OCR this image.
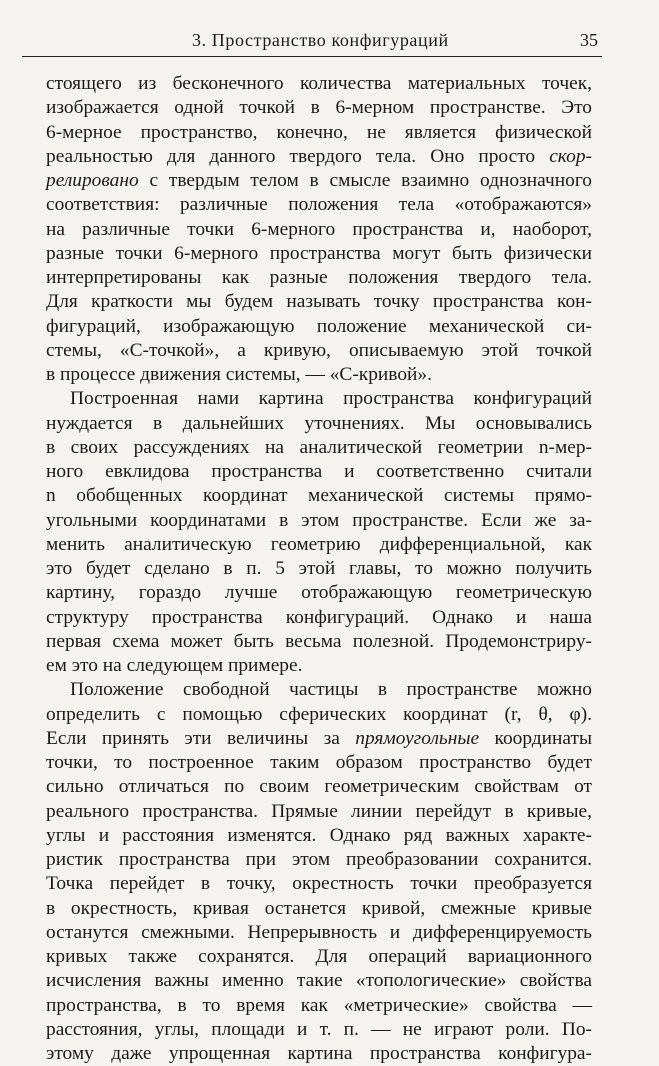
3. Пространство конфигураций	35
стоящего из бесконечного количества материальных точек,
изображается одной точкой в 6-мерном пространстве. Это
6-мерное пространство, конечно, не является физической
реальностью для данного твердого тела. Оно просто скор-
релировано с твердым телом в смысле взаимно однозначного
соответствия: различные положения тела «отображаются»
на различные точки 6-мерного пространства и, наоборот,
разные точки 6-мерного пространства могут быть физически
интерпретированы как разные положения твердого тела.
Для краткости мы будем называть точку пространства кон-
фигураций, изображающую положение механической си-
стемы, «C-точкой», а кривую, описываемую этой точкой
в процессе движения системы, — «C-кривой».
Построенная нами картина пространства конфигураций
нуждается в дальнейших уточнениях. Мы основывались
в своих рассуждениях на аналитической геометрии n-мер-
ного евклидова пространства и соответственно считали
n обобщенных координат механической системы прямо-
угольными координатами в этом пространстве. Если же за-
менить аналитическую геометрию дифференциальной, как
это будет сделано в п. 5 этой главы, то можно получить
картину, гораздо лучше отображающую геометрическую
структуру пространства конфигураций. Однако и наша
первая схема может быть весьма полезной. Продемонстриру-
ем это на следующем примере.
Положение свободной частицы в пространстве можно
определить с помощью сферических координат (r, θ, φ).
Если принять эти величины за прямоугольные координаты
точки, то построенное таким образом пространство будет
сильно отличаться по своим геометрическим свойствам от
реального пространства. Прямые линии перейдут в кривые,
углы и расстояния изменятся. Однако ряд важных характе-
ристик пространства при этом преобразовании сохранится.
Точка перейдет в точку, окрестность точки преобразуется
в окрестность, кривая останется кривой, смежные кривые
останутся смежными. Непрерывность и дифференцируемость
кривых также сохранятся. Для операций вариационного
исчисления важны именно такие «топологические» свойства
пространства, в то время как «метрические» свойства —
расстояния, углы, площади и т. п. — не играют роли. По-
этому даже упрощенная картина пространства конфигура-
